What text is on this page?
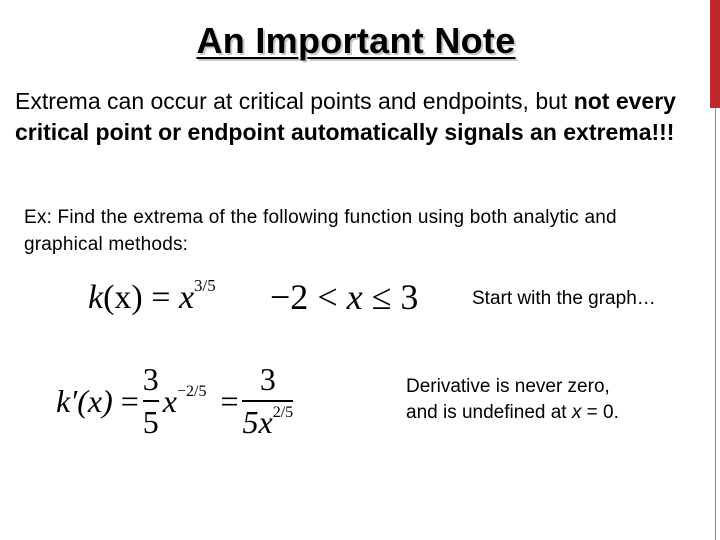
An Important Note
Extrema can occur at critical points and endpoints, but not every critical point or endpoint automatically signals an extrema!!!
Ex: Find the extrema of the following function using both analytic and graphical methods:
$k(x) = x^{3/5} -2 < x \le 3$	Start with the graph…
$k'(x) = \frac{3}{5} x^{-2/5} = \frac{3}{5x^{2/5}}$	Derivative is never zero,
and is undefined at x = 0.
